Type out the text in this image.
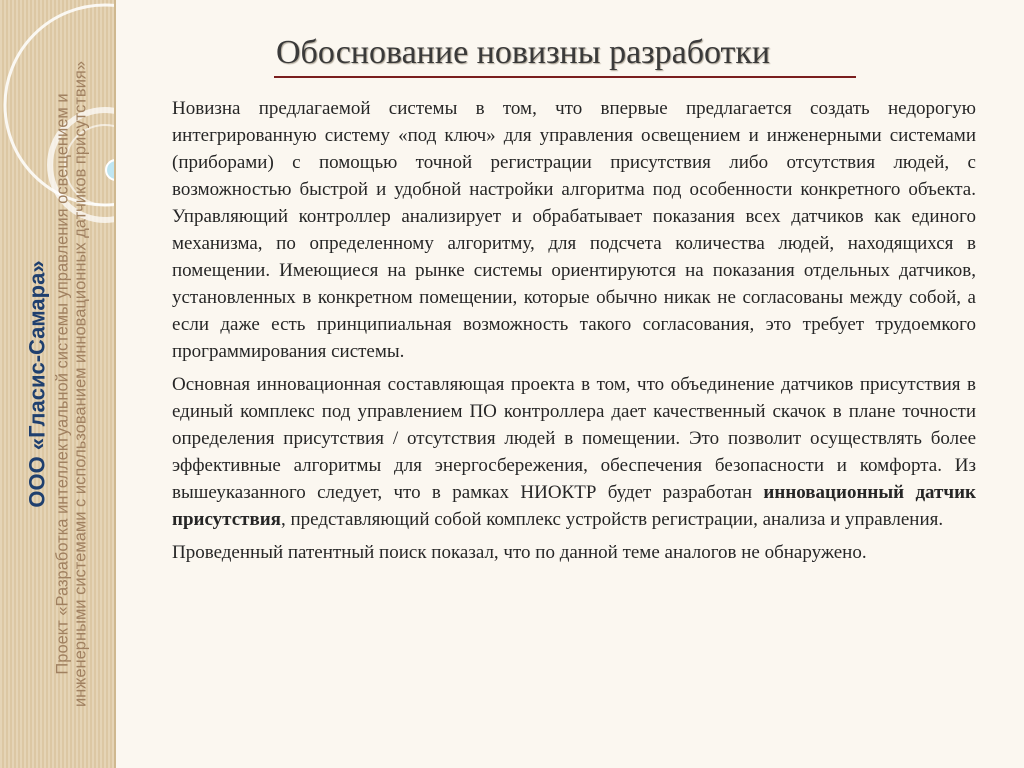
ООО «Гласис-Самара» Проект «Разработка интеллектуальной системы управления освещением и инженерными системами с использованием инновационных датчиков присутствия»
Обоснование новизны разработки

Новизна предлагаемой системы в том, что впервые предлагается создать недорогую интегрированную систему «под ключ» для управления освещением и инженерными системами (приборами) с помощью точной регистрации присутствия либо отсутствия людей, с возможностью быстрой и удобной настройки алгоритма под особенности конкретного объекта. Управляющий контроллер анализирует и обрабатывает показания всех датчиков как единого механизма, по определенному алгоритму, для подсчета количества людей, находящихся в помещении. Имеющиеся на рынке системы ориентируются на показания отдельных датчиков, установленных в конкретном помещении, которые обычно никак не согласованы между собой, а если даже есть принципиальная возможность такого согласования, это требует трудоемкого программирования системы.

Основная инновационная составляющая проекта в том, что объединение датчиков присутствия в единый комплекс под управлением ПО контроллера дает качественный скачок в плане точности определения присутствия / отсутствия людей в помещении. Это позволит осуществлять более эффективные алгоритмы для энергосбережения, обеспечения безопасности и комфорта. Из вышеуказанного следует, что в рамках НИОКТР будет разработан инновационный датчик присутствия, представляющий собой комплекс устройств регистрации, анализа и управления.

Проведенный патентный поиск показал, что по данной теме аналогов не обнаружено.
